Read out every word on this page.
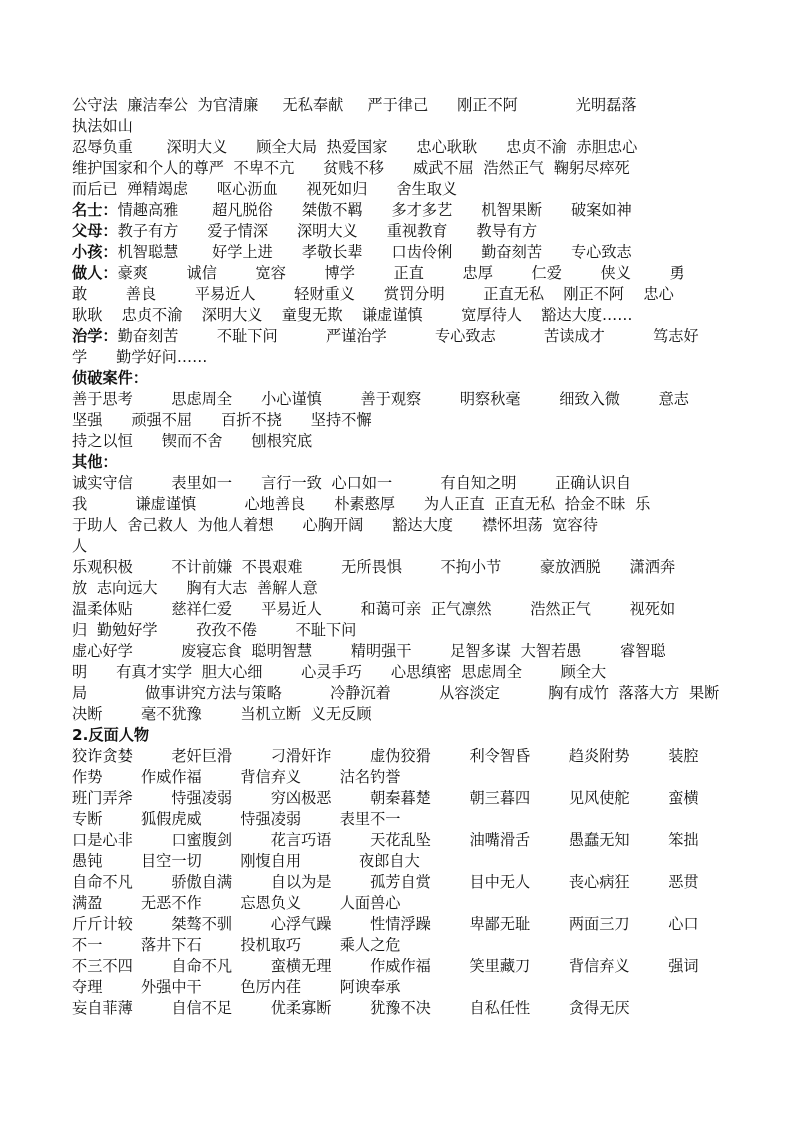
公守法  廉洁奉公  为官清廉     无私奉献     严于律己      刚正不阿            光明磊落
执法如山
忍辱负重       深明大义      顾全大局  热爱国家      忠心耿耿      忠贞不渝  赤胆忠心
维护国家和个人的尊严  不卑不亢      贫贱不移      威武不屈  浩然正气  鞠躬尽瘁死
而后已  殚精竭虑      呕心沥血      视死如归      舍生取义
名士：情趣高雅       超凡脱俗      桀傲不羁      多才多艺      机智果断      破案如神
父母：教子有方      爱子情深      深明大义      重视教育      教导有方
小孩：机智聪慧       好学上进      孝敬长辈      口齿伶俐      勤奋刻苦      专心致志
做人：豪爽        诚信        宽容        博学        正直        忠厚        仁爱        侠义        勇
敢        善良        平易近人        轻财重义      赏罚分明        正直无私    刚正不阿    忠心
耿耿    忠贞不渝    深明大义    童叟无欺    谦虚谨慎        宽厚待人    豁达大度……
治学：勤奋刻苦        不耻下问          严谨治学          专心致志          苦读成才          笃志好
学      勤学好问……
侦破案件：
善于思考        思虑周全      小心谨慎        善于观察        明察秋毫        细致入微        意志
坚强      顽强不屈      百折不挠      坚持不懈
持之以恒      锲而不舍      刨根究底
其他：
诚实守信        表里如一      言行一致  心口如一          有自知之明        正确认识自
我          谦虚谨慎          心地善良      朴素憨厚      为人正直  正直无私  拾金不昧  乐
于助人  舍己救人  为他人着想      心胸开阔      豁达大度      襟怀坦荡  宽容待
人
乐观积极        不计前嫌  不畏艰难        无所畏惧        不拘小节        豪放洒脱      潇洒奔
放  志向远大      胸有大志  善解人意
温柔体贴        慈祥仁爱      平易近人        和蔼可亲  正气凛然        浩然正气        视死如
归  勤勉好学        孜孜不倦        不耻下问
虚心好学          废寝忘食  聪明智慧        精明强干        足智多谋  大智若愚        睿智聪
明      有真才实学  胆大心细        心灵手巧      心思缜密  思虑周全        顾全大
局            做事讲究方法与策略          冷静沉着          从容淡定          胸有成竹  落落大方  果断
决断        毫不犹豫        当机立断  义无反顾
2.反面人物
狡诈贪婪        老奸巨滑        刁滑奸诈        虚伪狡猾        利令智昏        趋炎附势        装腔
作势        作威作福        背信弃义        沽名钓誉
班门弄斧        恃强凌弱        穷凶极恶        朝秦暮楚        朝三暮四        见风使舵        蛮横
专断        狐假虎威        恃强凌弱        表里不一
口是心非        口蜜腹剑        花言巧语        天花乱坠        油嘴滑舌        愚蠢无知        笨拙
愚钝        目空一切        刚愎自用            夜郎自大
自命不凡        骄傲自满        自以为是        孤芳自赏        目中无人        丧心病狂        恶贯
满盈        无恶不作        忘恩负义        人面兽心
斤斤计较        桀骜不驯        心浮气躁        性情浮躁        卑鄙无耻        两面三刀        心口
不一        落井下石        投机取巧        乘人之危
不三不四        自命不凡        蛮横无理        作威作福        笑里藏刀        背信弃义        强词
夺理        外强中干        色厉内荏        阿谀奉承
妄自菲薄        自信不足        优柔寡断        犹豫不决        自私任性        贪得无厌
